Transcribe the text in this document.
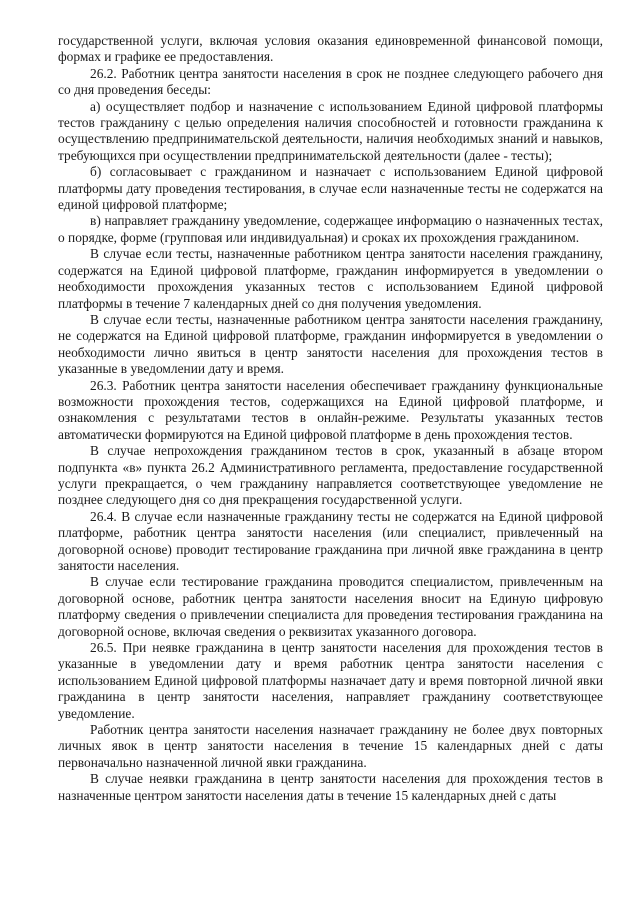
государственной услуги, включая условия оказания единовременной финансовой помощи, формах и графике ее предоставления.

26.2. Работник центра занятости населения в срок не позднее следующего рабочего дня со дня проведения беседы:

а) осуществляет подбор и назначение с использованием Единой цифровой платформы тестов гражданину с целью определения наличия способностей и готовности гражданина к осуществлению предпринимательской деятельности, наличия необходимых знаний и навыков, требующихся при осуществлении предпринимательской деятельности (далее - тесты);

б) согласовывает с гражданином и назначает с использованием Единой цифровой платформы дату проведения тестирования, в случае если назначенные тесты не содержатся на единой цифровой платформе;

в) направляет гражданину уведомление, содержащее информацию о назначенных тестах, о порядке, форме (групповая или индивидуальная) и сроках их прохождения гражданином.

В случае если тесты, назначенные работником центра занятости населения гражданину, содержатся на Единой цифровой платформе, гражданин информируется в уведомлении о необходимости прохождения указанных тестов с использованием Единой цифровой платформы в течение 7 календарных дней со дня получения уведомления.

В случае если тесты, назначенные работником центра занятости населения гражданину, не содержатся на Единой цифровой платформе, гражданин информируется в уведомлении о необходимости лично явиться в центр занятости населения для прохождения тестов в указанные в уведомлении дату и время.

26.3. Работник центра занятости населения обеспечивает гражданину функциональные возможности прохождения тестов, содержащихся на Единой цифровой платформе, и ознакомления с результатами тестов в онлайн-режиме. Результаты указанных тестов автоматически формируются на Единой цифровой платформе в день прохождения тестов.

В случае непрохождения гражданином тестов в срок, указанный в абзаце втором подпункта «в» пункта 26.2 Административного регламента, предоставление государственной услуги прекращается, о чем гражданину направляется соответствующее уведомление не позднее следующего дня со дня прекращения государственной услуги.

26.4. В случае если назначенные гражданину тесты не содержатся на Единой цифровой платформе, работник центра занятости населения (или специалист, привлеченный на договорной основе) проводит тестирование гражданина при личной явке гражданина в центр занятости населения.

В случае если тестирование гражданина проводится специалистом, привлеченным на договорной основе, работник центра занятости населения вносит на Единую цифровую платформу сведения о привлечении специалиста для проведения тестирования гражданина на договорной основе, включая сведения о реквизитах указанного договора.

26.5. При неявке гражданина в центр занятости населения для прохождения тестов в указанные в уведомлении дату и время работник центра занятости населения с использованием Единой цифровой платформы назначает дату и время повторной личной явки гражданина в центр занятости населения, направляет гражданину соответствующее уведомление.

Работник центра занятости населения назначает гражданину не более двух повторных личных явок в центр занятости населения в течение 15 календарных дней с даты первоначально назначенной личной явки гражданина.

В случае неявки гражданина в центр занятости населения для прохождения тестов в назначенные центром занятости населения даты в течение 15 календарных дней с даты
